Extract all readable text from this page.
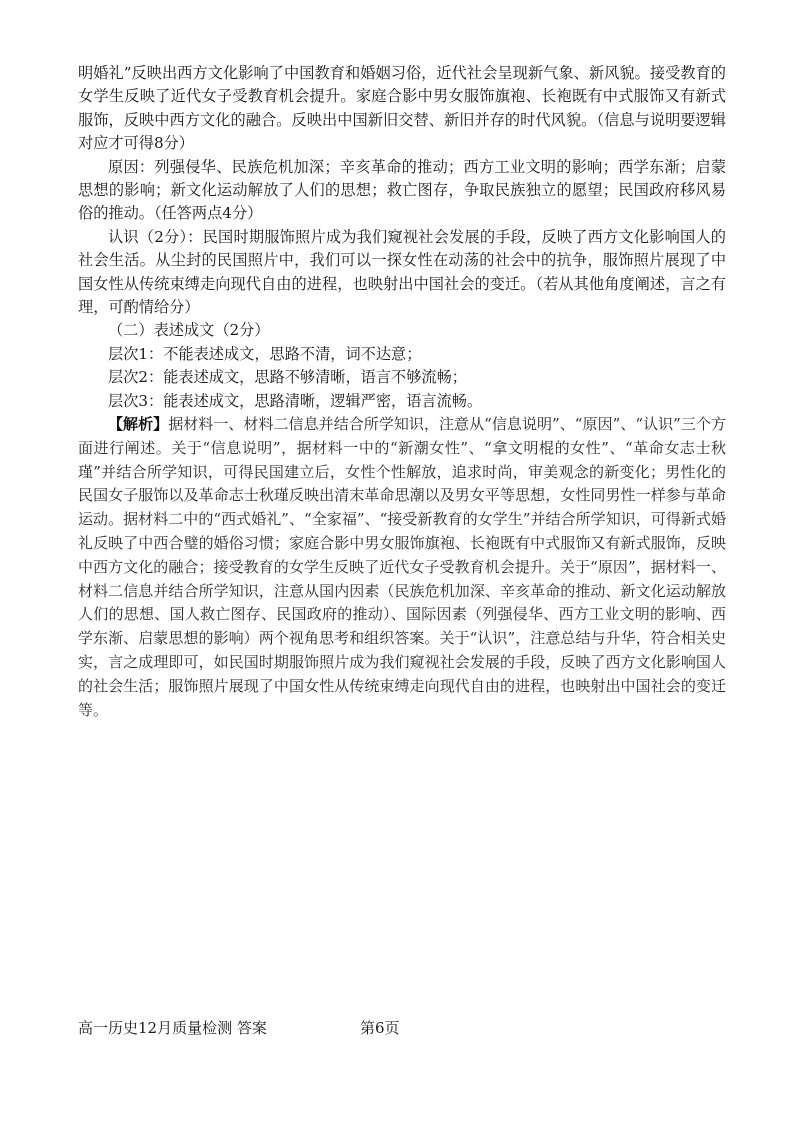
明婚礼”反映出西方文化影响了中国教育和婚姻习俗，近代社会呈现新气象、新风貌。接受教育的女学生反映了近代女子受教育机会提升。家庭合影中男女服饰旗袍、长袍既有中式服饰又有新式服饰，反映中西方文化的融合。反映出中国新旧交替、新旧并存的时代风貌。（信息与说明要逻辑对应才可得8分）

原因：列强侵华、民族危机加深；辛亥革命的推动；西方工业文明的影响；西学东渐；启蒙思想的影响；新文化运动解放了人们的思想；救亡图存，争取民族独立的愿望；民国政府移风易俗的推动。（任答两点4分）

认识（2分）：民国时期服饰照片成为我们窥视社会发展的手段，反映了西方文化影响国人的社会生活。从尘封的民国照片中，我们可以一探女性在动荡的社会中的抗争，服饰照片展现了中国女性从传统束缚走向现代自由的进程，也映射出中国社会的变迁。（若从其他角度阐述，言之有理，可酌情给分）

（二）表述成文（2分）

层次1：不能表述成文，思路不清，词不达意；

层次2：能表述成文，思路不够清晰，语言不够流畅；

层次3：能表述成文，思路清晰，逻辑严密，语言流畅。

【解析】据材料一、材料二信息并结合所学知识，注意从“信息说明”、“原因”、“认识”三个方面进行阐述。关于“信息说明”，据材料一中的“新潮女性”、“拿文明棍的女性”、“革命女志士秋瑾”并结合所学知识，可得民国建立后，女性个性解放，追求时尚，审美观念的新变化；男性化的民国女子服饰以及革命志士秋瑾反映出清末革命思潮以及男女平等思想，女性同男性一样参与革命运动。据材料二中的“西式婚礼”、“全家福”、“接受新教育的女学生”并结合所学知识，可得新式婚礼反映了中西合璧的婚俗习惯；家庭合影中男女服饰旗袍、长袍既有中式服饰又有新式服饰，反映中西方文化的融合；接受教育的女学生反映了近代女子受教育机会提升。关于“原因”，据材料一、材料二信息并结合所学知识，注意从国内因素（民族危机加深、辛亥革命的推动、新文化运动解放人们的思想、国人救亡图存、民国政府的推动）、国际因素（列强侵华、西方工业文明的影响、西学东渐、启蒙思想的影响）两个视角思考和组织答案。关于“认识”，注意总结与升华，符合相关史实，言之成理即可，如民国时期服饰照片成为我们窥视社会发展的手段，反映了西方文化影响国人的社会生活；服饰照片展现了中国女性从传统束缚走向现代自由的进程，也映射出中国社会的变迁等。

高一历史12月质量检测 答案	第6页
